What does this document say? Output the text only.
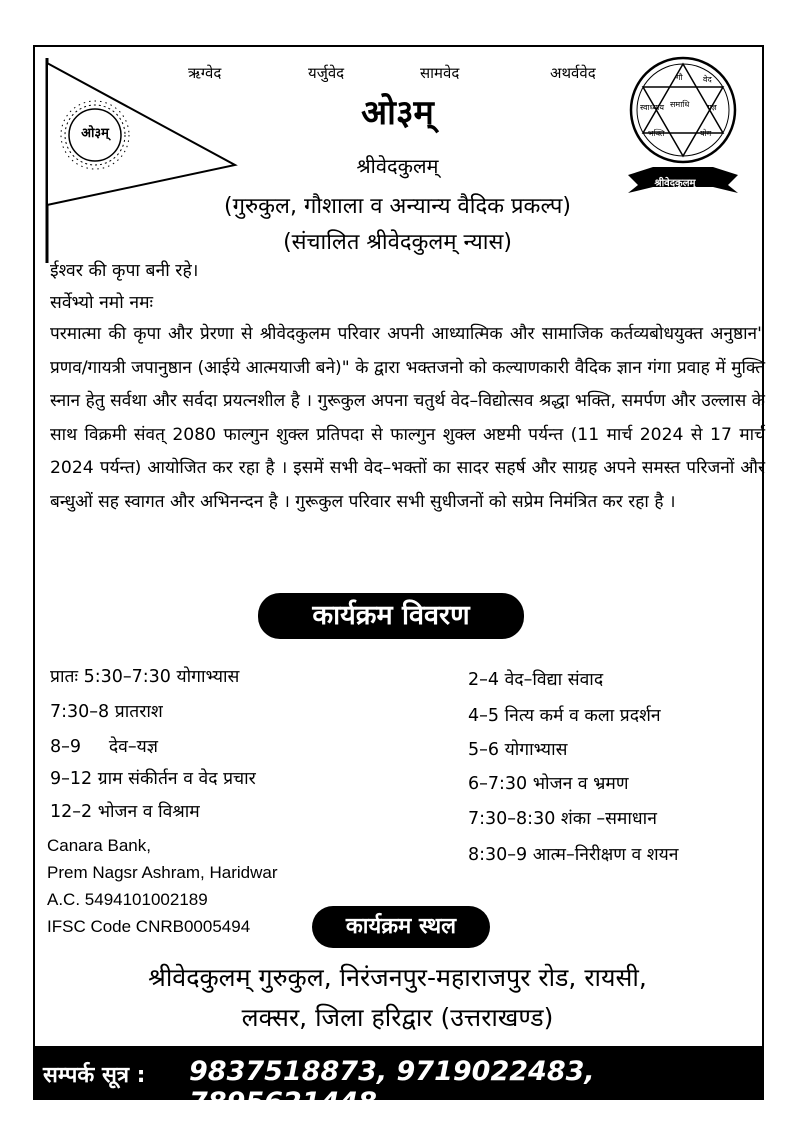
ओ३म्
ऋग्वेद	यर्जुवेद	सामवेद	अथर्ववेद
ओ३म्
श्रीवेदकुलम्
(गुरुकुल, गौशाला व अन्यान्य वैदिक प्रकल्प)
(संचालित श्रीवेदकुलम् न्यास)
वेद
यज्ञ
योग
गौ
स्वाध्याय समाधि
भक्ति
श्रीवेदकुलम्
ईश्वर की कृपा बनी रहे।
सर्वेभ्यो नमो नमः
परमात्मा की कृपा और प्रेरणा से श्रीवेदकुलम परिवार अपनी आध्यात्मिक और सामाजिक कर्तव्यबोधयुक्त अनुष्ठान" प्रणव/गायत्री जपानुष्ठान (आईये आत्मयाजी बने)" के द्वारा भक्तजनो को कल्याणकारी वैदिक ज्ञान गंगा प्रवाह में मुक्ति स्नान हेतु सर्वथा और सर्वदा प्रयत्नशील है । गुरूकुल अपना चतुर्थ वेद–विद्योत्सव श्रद्धा भक्ति, समर्पण और उल्लास के साथ विक्रमी संवत् 2080 फाल्गुन शुक्ल प्रतिपदा से फाल्गुन शुक्ल अष्टमी पर्यन्त (11 मार्च 2024 से 17 मार्च 2024 पर्यन्त) आयोजित कर रहा है । इसमें सभी वेद–भक्तों का सादर सहर्ष और साग्रह अपने समस्त परिजनों और बन्धुओं सह स्वागत और अभिनन्दन है । गुरूकुल परिवार सभी सुधीजनों को सप्रेम निमंत्रित कर रहा है ।
कार्यक्रम विवरण
प्रातः 5:30–7:30 योगाभ्यास
7:30–8 प्रातराश
8–9     देव–यज्ञ
9–12 ग्राम संकीर्तन व वेद प्रचार
12–2 भोजन व विश्राम
2–4 वेद–विद्या संवाद
4–5 नित्य कर्म व कला प्रदर्शन
5–6 योगाभ्यास
6–7:30 भोजन व भ्रमण
7:30–8:30 शंका –समाधान
8:30–9 आत्म–निरीक्षण व शयन
Canara Bank,
Prem Nagsr Ashram, Haridwar
A.C. 5494101002189
IFSC Code CNRB0005494	कार्यक्रम स्थल
श्रीवेदकुलम् गुरुकुल, निरंजनपुर-महाराजपुर रोड, रायसी,
लक्सर, जिला हरिद्वार (उत्तराखण्ड)
सम्पर्क सूत्र : 9837518873, 9719022483, 7895621448
